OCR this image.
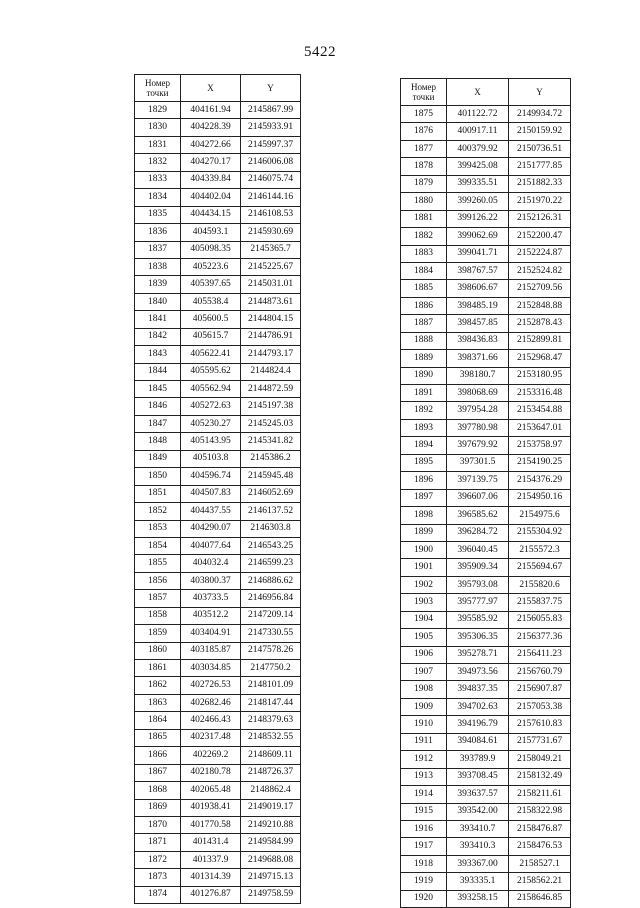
5422
Номер
точки	X	Y
1829	404161.94	2145867.99
1830	404228.39	2145933.91
1831	404272.66	2145997.37
1832	404270.17	2146006.08
1833	404339.84	2146075.74
1834	404402.04	2146144.16
1835	404434.15	2146108.53
1836	404593.1	2145930.69
1837	405098.35	2145365.7
1838	405223.6	2145225.67
1839	405397.65	2145031.01
1840	405538.4	2144873.61
1841	405600.5	2144804.15
1842	405615.7	2144786.91
1843	405622.41	2144793.17
1844	405595.62	2144824.4
1845	405562.94	2144872.59
1846	405272.63	2145197.38
1847	405230.27	2145245.03
1848	405143.95	2145341.82
1849	405103.8	2145386.2
1850	404596.74	2145945.48
1851	404507.83	2146052.69
1852	404437.55	2146137.52
1853	404290.07	2146303.8
1854	404077.64	2146543.25
1855	404032.4	2146599.23
1856	403800.37	2146886.62
1857	403733.5	2146956.84
1858	403512.2	2147209.14
1859	403404.91	2147330.55
1860	403185.87	2147578.26
1861	403034.85	2147750.2
1862	402726.53	2148101.09
1863	402682.46	2148147.44
1864	402466.43	2148379.63
1865	402317.48	2148532.55
1866	402269.2	2148609.11
1867	402180.78	2148726.37
1868	402065.48	2148862.4
1869	401938.41	2149019.17
1870	401770.58	2149210.88
1871	401431.4	2149584.99
1872	401337.9	2149688.08
1873	401314.39	2149715.13
1874	401276.87	2149758.59
Номер
точки	X	Y
1875	401122.72	2149934.72
1876	400917.11	2150159.92
1877	400379.92	2150736.51
1878	399425.08	2151777.85
1879	399335.51	2151882.33
1880	399260.05	2151970.22
1881	399126.22	2152126.31
1882	399062.69	2152200.47
1883	399041.71	2152224.87
1884	398767.57	2152524.82
1885	398606.67	2152709.56
1886	398485.19	2152848.88
1887	398457.85	2152878.43
1888	398436.83	2152899.81
1889	398371.66	2152968.47
1890	398180.7	2153180.95
1891	398068.69	2153316.48
1892	397954.28	2153454.88
1893	397780.98	2153647.01
1894	397679.92	2153758.97
1895	397301.5	2154190.25
1896	397139.75	2154376.29
1897	396607.06	2154950.16
1898	396585.62	2154975.6
1899	396284.72	2155304.92
1900	396040.45	2155572.3
1901	395909.34	2155694.67
1902	395793.08	2155820.6
1903	395777.97	2155837.75
1904	395585.92	2156055.83
1905	395306.35	2156377.36
1906	395278.71	2156411.23
1907	394973.56	2156760.79
1908	394837.35	2156907.87
1909	394702.63	2157053.38
1910	394196.79	2157610.83
1911	394084.61	2157731.67
1912	393789.9	2158049.21
1913	393708.45	2158132.49
1914	393637.57	2158211.61
1915	393542.00	2158322.98
1916	393410.7	2158476.87
1917	393410.3	2158476.53
1918	393367.00	2158527.1
1919	393335.1	2158562.21
1920	393258.15	2158646.85
